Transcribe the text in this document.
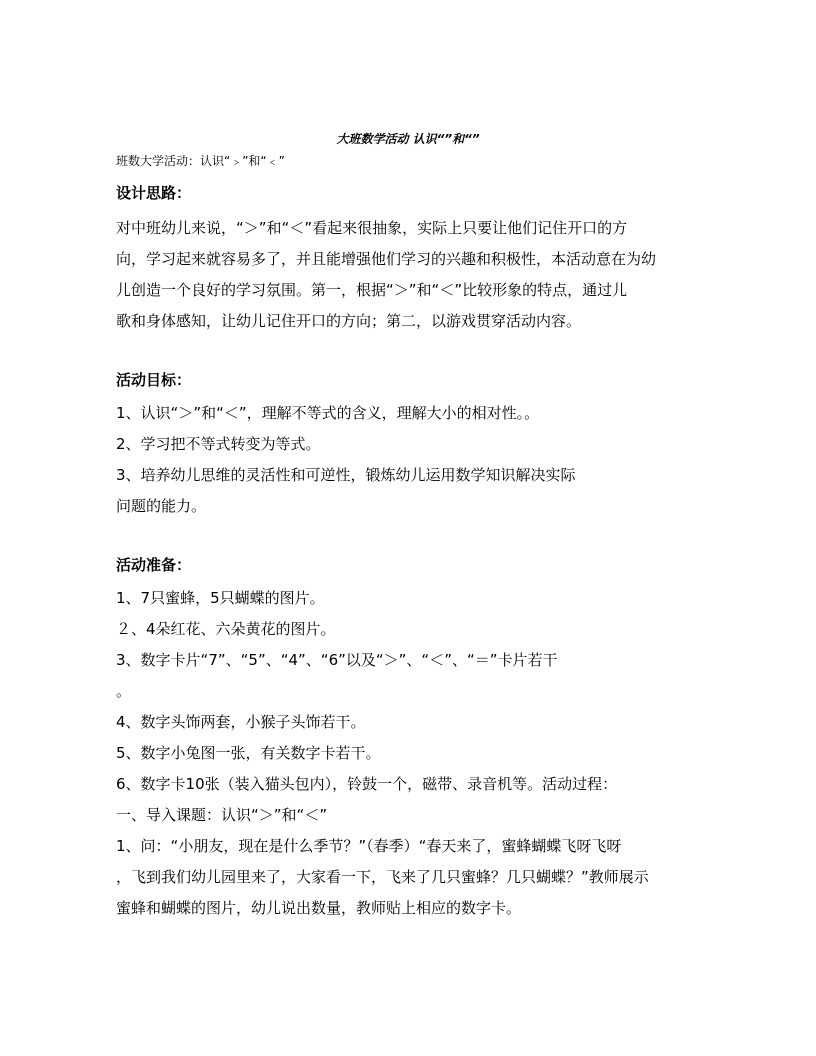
大班数学活动 认识“”和“”
班数大学活动：认识“﹥”和“﹤”
设计思路：
对中班幼儿来说，“＞”和“＜”看起来很抽象，实际上只要让他们记住开口的方
向，学习起来就容易多了，并且能增强他们学习的兴趣和积极性，本活动意在为幼
儿创造一个良好的学习氛围。第一，根据“＞”和“＜”比较形象的特点，通过儿
歌和身体感知，让幼儿记住开口的方向；第二，以游戏贯穿活动内容。
活动目标：
1、认识“＞”和“＜”，理解不等式的含义，理解大小的相对性。。
2、学习把不等式转变为等式。
3、培养幼儿思维的灵活性和可逆性，锻炼幼儿运用数学知识解决实际
问题的能力。
活动准备：
1、7只蜜蜂，5只蝴蝶的图片。
２、4朵红花、六朵黄花的图片。
3、数字卡片“7”、“5”、“4”、“6”以及“＞”、“＜”、“＝”卡片若干
。
4、数字头饰两套，小猴子头饰若干。
5、数字小兔图一张，有关数字卡若干。
6、数字卡10张（装入猫头包内），铃鼓一个，磁带、录音机等。活动过程：
一、导入课题：认识“＞”和“＜”
1、问：“小朋友，现在是什么季节？”（春季）“春天来了，蜜蜂蝴蝶飞呀飞呀
，飞到我们幼儿园里来了，大家看一下，飞来了几只蜜蜂？几只蝴蝶？”教师展示
蜜蜂和蝴蝶的图片，幼儿说出数量，教师贴上相应的数字卡。
